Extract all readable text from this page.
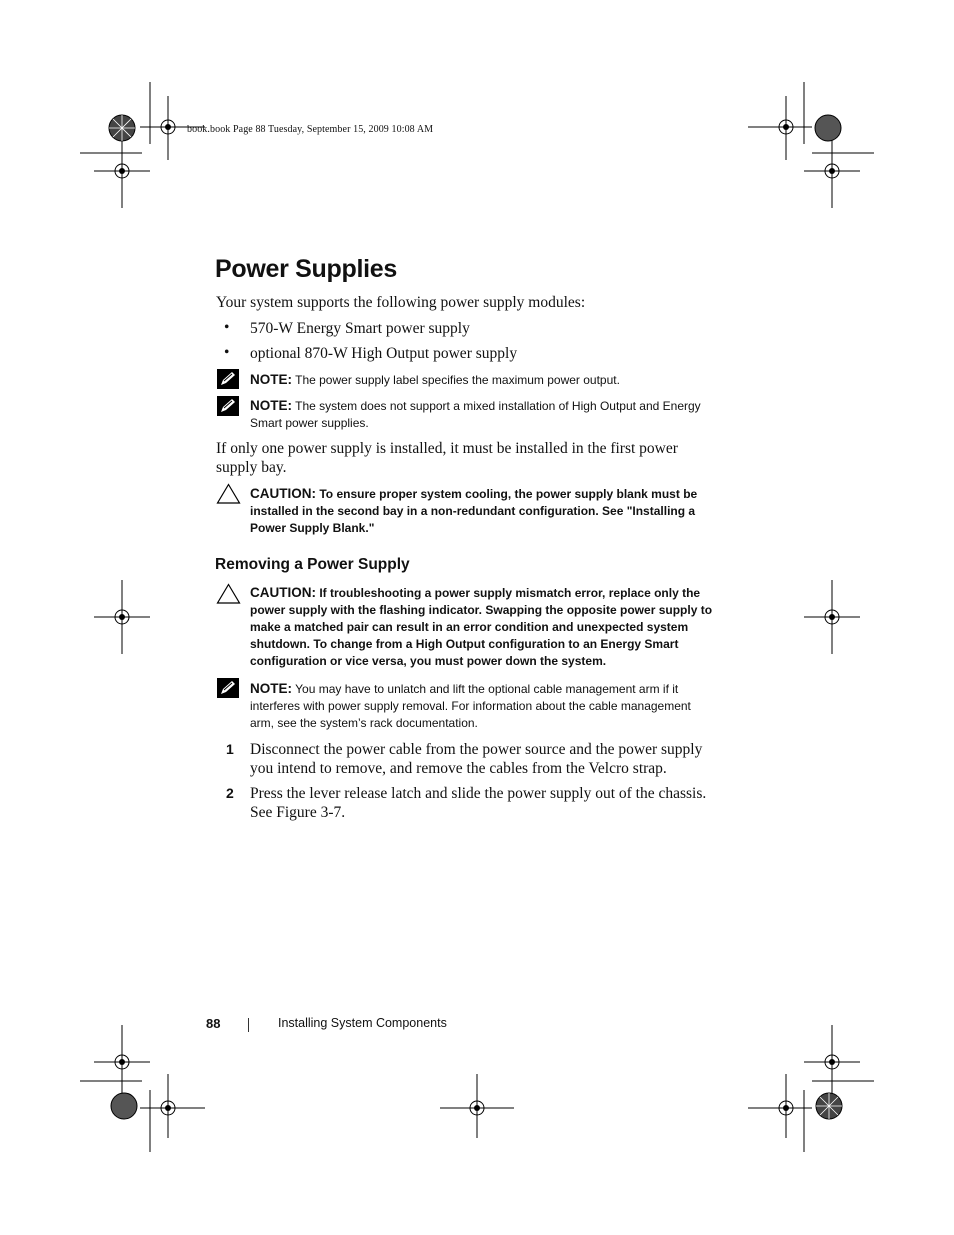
book.book Page 88 Tuesday, September 15, 2009 10:08 AM
Power Supplies
Your system supports the following power supply modules:
• 570-W Energy Smart power supply
• optional 870-W High Output power supply
NOTE: The power supply label specifies the maximum power output.
NOTE: The system does not support a mixed installation of High Output and Energy
Smart power supplies.
If only one power supply is installed, it must be installed in the first power
supply bay.
CAUTION: To ensure proper system cooling, the power supply blank must be
installed in the second bay in a non-redundant configuration. See "Installing a
Power Supply Blank."
Removing a Power Supply
CAUTION: If troubleshooting a power supply mismatch error, replace only the
power supply with the flashing indicator. Swapping the opposite power supply to
make a matched pair can result in an error condition and unexpected system
shutdown. To change from a High Output configuration to an Energy Smart
configuration or vice versa, you must power down the system.
NOTE: You may have to unlatch and lift the optional cable management arm if it
interferes with power supply removal. For information about the cable management
arm, see the system’s rack documentation.
1 Disconnect the power cable from the power source and the power supply
you intend to remove, and remove the cables from the Velcro strap.
2 Press the lever release latch and slide the power supply out of the chassis.
See Figure 3-7.
88	Installing System Components
